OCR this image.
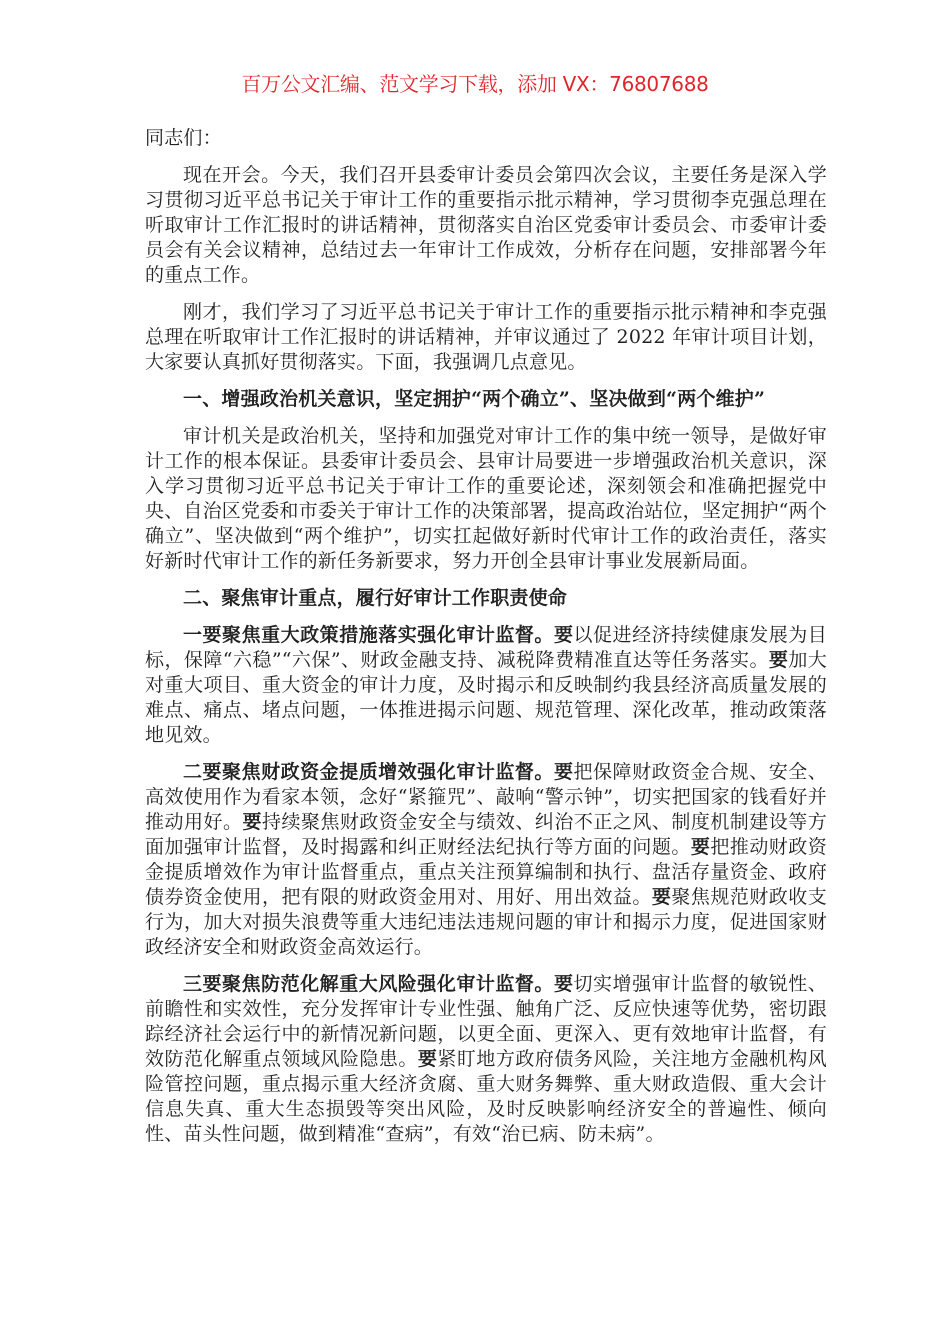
百万公文汇编、范文学习下载，添加 VX：76807688

同志们：

现在开会。今天，我们召开县委审计委员会第四次会议，主要任务是深入学习贯彻习近平总书记关于审计工作的重要指示批示精神，学习贯彻李克强总理在听取审计工作汇报时的讲话精神，贯彻落实自治区党委审计委员会、市委审计委员会有关会议精神，总结过去一年审计工作成效，分析存在问题，安排部署今年的重点工作。

刚才，我们学习了习近平总书记关于审计工作的重要指示批示精神和李克强总理在听取审计工作汇报时的讲话精神，并审议通过了 2022 年审计项目计划，大家要认真抓好贯彻落实。下面，我强调几点意见。

一、增强政治机关意识，坚定拥护“两个确立”、坚决做到“两个维护”

审计机关是政治机关，坚持和加强党对审计工作的集中统一领导，是做好审计工作的根本保证。县委审计委员会、县审计局要进一步增强政治机关意识，深入学习贯彻习近平总书记关于审计工作的重要论述，深刻领会和准确把握党中央、自治区党委和市委关于审计工作的决策部署，提高政治站位，坚定拥护“两个确立”、坚决做到“两个维护”，切实扛起做好新时代审计工作的政治责任，落实好新时代审计工作的新任务新要求，努力开创全县审计事业发展新局面。

二、聚焦审计重点，履行好审计工作职责使命

一要聚焦重大政策措施落实强化审计监督。要以促进经济持续健康发展为目标，保障“六稳”“六保”、财政金融支持、减税降费精准直达等任务落实。要加大对重大项目、重大资金的审计力度，及时揭示和反映制约我县经济高质量发展的难点、痛点、堵点问题，一体推进揭示问题、规范管理、深化改革，推动政策落地见效。

二要聚焦财政资金提质增效强化审计监督。要把保障财政资金合规、安全、高效使用作为看家本领，念好“紧箍咒”、敲响“警示钟”，切实把国家的钱看好并推动用好。要持续聚焦财政资金安全与绩效、纠治不正之风、制度机制建设等方面加强审计监督，及时揭露和纠正财经法纪执行等方面的问题。要把推动财政资金提质增效作为审计监督重点，重点关注预算编制和执行、盘活存量资金、政府债券资金使用，把有限的财政资金用对、用好、用出效益。要聚焦规范财政收支行为，加大对损失浪费等重大违纪违法违规问题的审计和揭示力度，促进国家财政经济安全和财政资金高效运行。

三要聚焦防范化解重大风险强化审计监督。要切实增强审计监督的敏锐性、前瞻性和实效性，充分发挥审计专业性强、触角广泛、反应快速等优势，密切跟踪经济社会运行中的新情况新问题，以更全面、更深入、更有效地审计监督，有效防范化解重点领域风险隐患。要紧盯地方政府债务风险，关注地方金融机构风险管控问题，重点揭示重大经济贪腐、重大财务舞弊、重大财政造假、重大会计信息失真、重大生态损毁等突出风险，及时反映影响经济安全的普遍性、倾向性、苗头性问题，做到精准“查病”，有效“治已病、防未病”。
